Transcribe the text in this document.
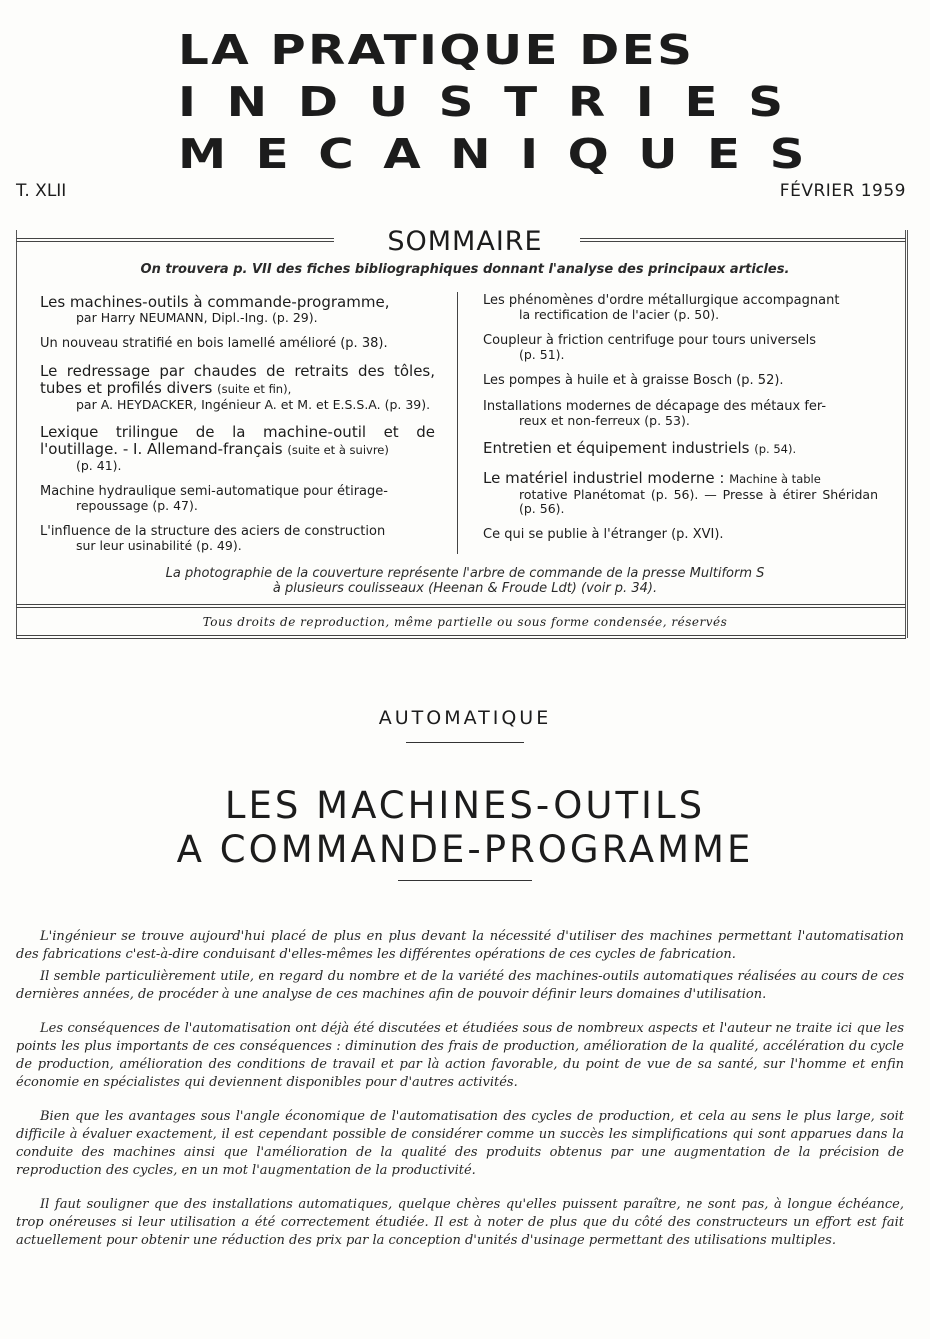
LA PRATIQUE DES
INDUSTRIES
MECANIQUES
T. XLII	FÉVRIER 1959
SOMMAIRE
On trouvera p. VII des fiches bibliographiques donnant l'analyse des principaux articles.
Les machines-outils à commande-programme,
par Harry NEUMANN, Dipl.-Ing. (p. 29).
Un nouveau stratifié en bois lamellé amélioré (p. 38).
Le redressage par chaudes de retraits des tôles, tubes et profilés divers (suite et fin),
par A. HEYDACKER, Ingénieur A. et M. et E.S.S.A. (p. 39).
Lexique trilingue de la machine-outil et de l'outillage. - I. Allemand-français (suite et à suivre)
(p. 41).
Machine hydraulique semi-automatique pour étirage-
repoussage (p. 47).
L'influence de la structure des aciers de construction
sur leur usinabilité (p. 49).
Les phénomènes d'ordre métallurgique accompagnant
la rectification de l'acier (p. 50).
Coupleur à friction centrifuge pour tours universels
(p. 51).
Les pompes à huile et à graisse Bosch (p. 52).
Installations modernes de décapage des métaux fer-
reux et non-ferreux (p. 53).
Entretien et équipement industriels (p. 54).
Le matériel industriel moderne : Machine à table
rotative Planétomat (p. 56). — Presse à étirer Shéridan (p. 56).
Ce qui se publie à l'étranger (p. XVI).
La photographie de la couverture représente l'arbre de commande de la presse Multiform S
à plusieurs coulisseaux (Heenan & Froude Ldt) (voir p. 34).
Tous droits de reproduction, même partielle ou sous forme condensée, réservés
AUTOMATIQUE
LES MACHINES-OUTILS
A COMMANDE-PROGRAMME

L'ingénieur se trouve aujourd'hui placé de plus en plus devant la nécessité d'utiliser des machines permettant l'automatisation des fabrications c'est-à-dire conduisant d'elles-mêmes les différentes opérations de ces cycles de fabrication.

Il semble particulièrement utile, en regard du nombre et de la variété des machines-outils automatiques réalisées au cours de ces dernières années, de procéder à une analyse de ces machines afin de pouvoir définir leurs domaines d'utilisation.

Les conséquences de l'automatisation ont déjà été discutées et étudiées sous de nombreux aspects et l'auteur ne traite ici que les points les plus importants de ces conséquences : diminution des frais de production, amélioration de la qualité, accélération du cycle de production, amélioration des conditions de travail et par là action favorable, du point de vue de sa santé, sur l'homme et enfin économie en spécialistes qui deviennent disponibles pour d'autres activités.

Bien que les avantages sous l'angle économique de l'automatisation des cycles de production, et cela au sens le plus large, soit difficile à évaluer exactement, il est cependant possible de considérer comme un succès les simplifications qui sont apparues dans la conduite des machines ainsi que l'amélioration de la qualité des produits obtenus par une augmentation de la précision de reproduction des cycles, en un mot l'augmentation de la productivité.

Il faut souligner que des installations automatiques, quelque chères qu'elles puissent paraître, ne sont pas, à longue échéance, trop onéreuses si leur utilisation a été correctement étudiée. Il est à noter de plus que du côté des constructeurs un effort est fait actuellement pour obtenir une réduction des prix par la conception d'unités d'usinage permettant des utilisations multiples.
